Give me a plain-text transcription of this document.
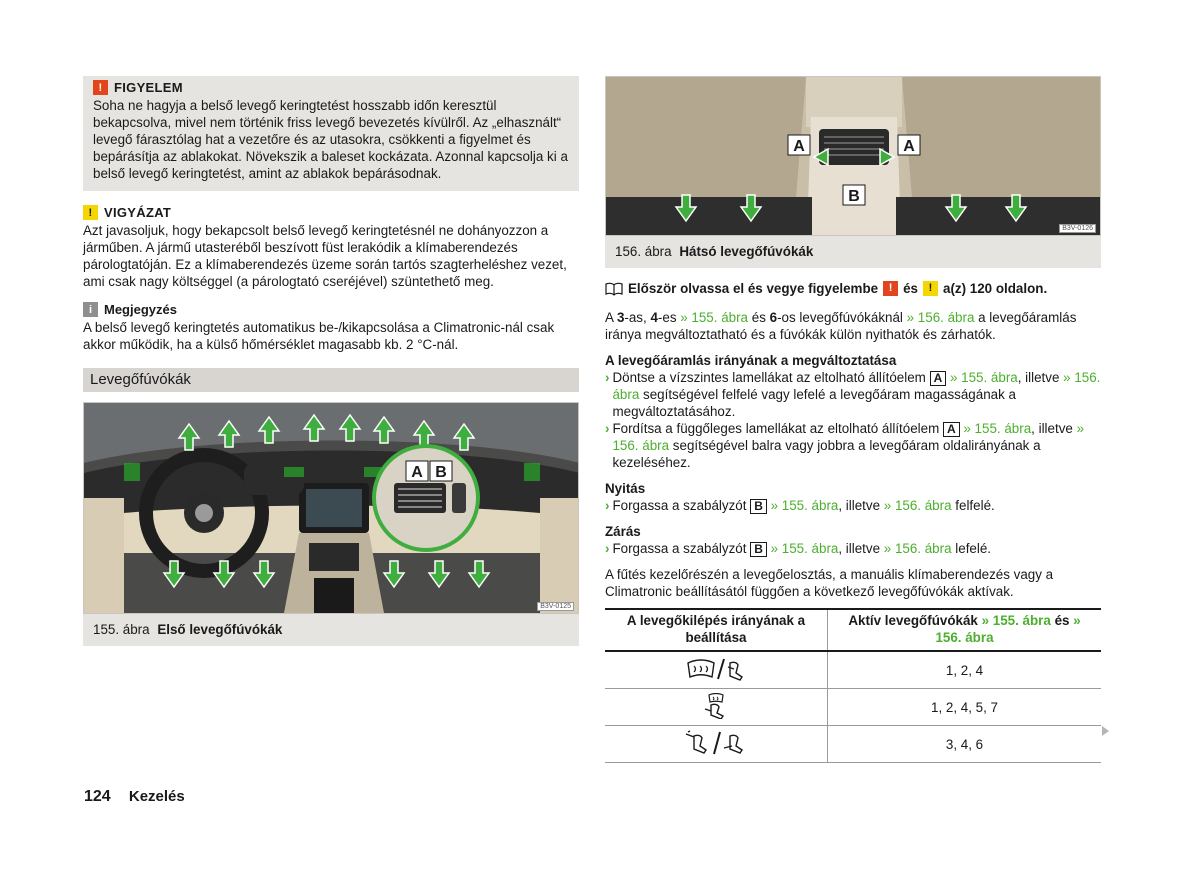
! FIGYELEM
Soha ne hagyja a belső levegő keringtetést hosszabb időn keresztül bekapcsolva, mivel nem történik friss levegő bevezetés kívülről. Az „elhasznált“ levegő fárasztólag hat a vezetőre és az utasokra, csökkenti a figyelmet és bepárásítja az ablakokat. Növekszik a baleset kockázata. Azonnal kapcsolja ki a belső levegő keringtetést, amint az ablakok bepárásodnak.
! VIGYÁZAT
Azt javasoljuk, hogy bekapcsolt belső levegő keringtetésnél ne dohányozzon a járműben. A jármű utasteréből beszívott füst lerakódik a klímaberendezés párologtatóján. Ez a klímaberendezés üzeme során tartós szagterheléshez vezet, ami csak nagy költséggel (a párologtató cseréjével) szüntethető meg.
i Megjegyzés
A belső levegő keringtetés automatikus be-/kikapcsolása a Climatronic-nál csak akkor működik, ha a külső hőmérséklet magasabb kb. 2 °C-nál.
Levegőfúvókák
A B
B3V-0125
155. ábra Első levegőfúvókák
A	A
B
B3V-0126
156. ábra Hátsó levegőfúvókák
Először olvassa el és vegye figyelembe ! és ! a(z) 120 oldalon.
A 3-as, 4-es » 155. ábra és 6-os levegőfúvókáknál » 156. ábra a levegőáramlás iránya megváltoztatható és a fúvókák külön nyithatók és zárhatók.
A levegőáramlás irányának a megváltoztatása
› Döntse a vízszintes lamellákat az eltolható állítóelem A » 155. ábra, illetve » 156. ábra segítségével felfelé vagy lefelé a levegőáram magasságának a megváltoztatásához.
› Fordítsa a függőleges lamellákat az eltolható állítóelem A » 155. ábra, illetve » 156. ábra segítségével balra vagy jobbra a levegőáram oldalirányának a kezeléséhez.
Nyitás
› Forgassa a szabályzót B » 155. ábra, illetve » 156. ábra felfelé.
Zárás
› Forgassa a szabályzót B » 155. ábra, illetve » 156. ábra lefelé.
A fűtés kezelőrészén a levegőelosztás, a manuális klímaberendezés vagy a Climatronic beállításától függően a következő levegőfúvókák aktívak.
A levegőkilépés irányának a beállítása	Aktív levegőfúvókák » 155. ábra és » 156. ábra
	1, 2, 4
	1, 2, 4, 5, 7
	3, 4, 6
124 Kezelés
